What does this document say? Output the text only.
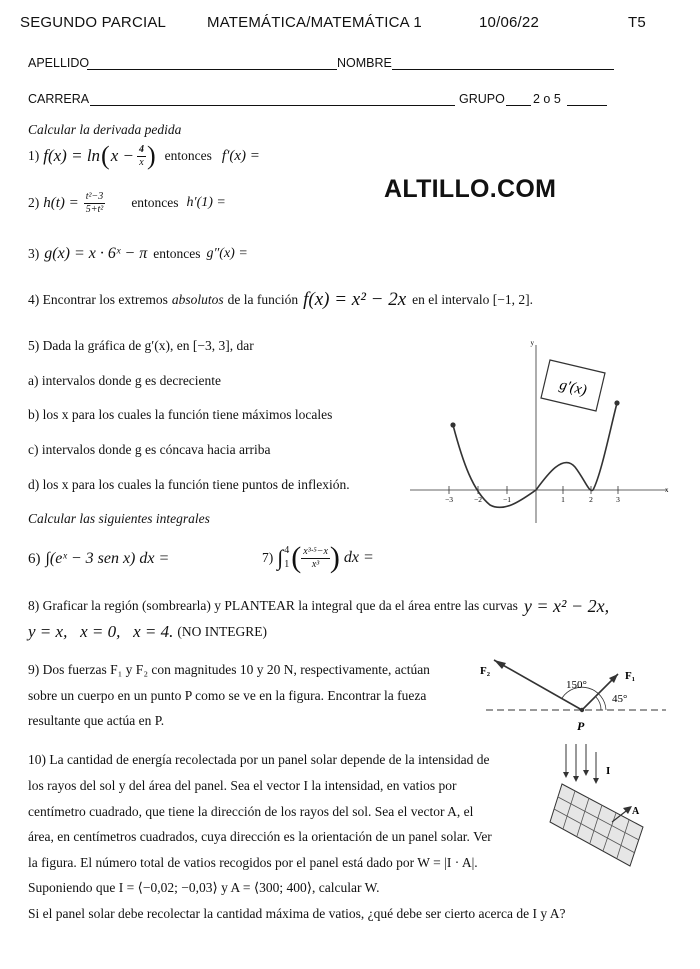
SEGUNDO PARCIAL	MATEMÁTICA/MATEMÁTICA 1	10/06/22	T5
APELLIDO	NOMBRE
CARRERA	GRUPO 2 o 5
Calcular la derivada pedida
1) f(x) = ln ( $x - \frac{4}{x}$ ) entonces f′(x) =
ALTILLO.COM
2) $h(t) = \frac{\text{t²−3}}{\text{5+t²}}$ entonces h′(1) =
3) g(x) = x · 6ˣ − π entonces g″(x) =
4) Encontrar los extremos absolutos de la función f(x) = x² − 2x en el intervalo [−1, 2].
5) Dada la gráfica de g′(x), en [−3, 3], dar
a) intervalos donde g es decreciente
b) los x para los cuales la función tiene máximos locales
c) intervalos donde g es cóncava hacia arriba
d) los x para los cuales la función tiene puntos de inflexión.
y
x
−3	−2	−1	1	2	3
g′(x)
Calcular las siguientes integrales
6) ∫(eˣ − 3 sen x) dx =	7) ∫ 4
1 ( $\frac{\text{x³·⁵−x}}{\text{x³}}$ ) dx =
8) Graficar la región (sombrearla) y PLANTEAR la integral que da el área entre las curvas y = x² − 2x,
y = x,   x = 0,   x = 4. (NO INTEGRE)
9) Dos fuerzas F₁ y F₂ con magnitudes 10 y 20 N, respectivamente, actúan
sobre un cuerpo en un punto P como se ve en la figura. Encontrar la fueza
resultante que actúa en P.
F₂	F₁
150°
45°
P
10) La cantidad de energía recolectada por un panel solar depende de la intensidad de
los rayos del sol y del área del panel. Sea el vector I la intensidad, en vatios por
centímetro cuadrado, que tiene la dirección de los rayos del sol. Sea el vector A, el
área, en centímetros cuadrados, cuya dirección es la orientación de un panel solar. Ver
la figura. El número total de vatios recogidos por el panel está dado por W = |I · A|.
Suponiendo que I = ⟨−0,02; −0,03⟩ y A = ⟨300; 400⟩, calcular W.
Si el panel solar debe recolectar la cantidad máxima de vatios, ¿qué debe ser cierto acerca de I y A?
I
A
